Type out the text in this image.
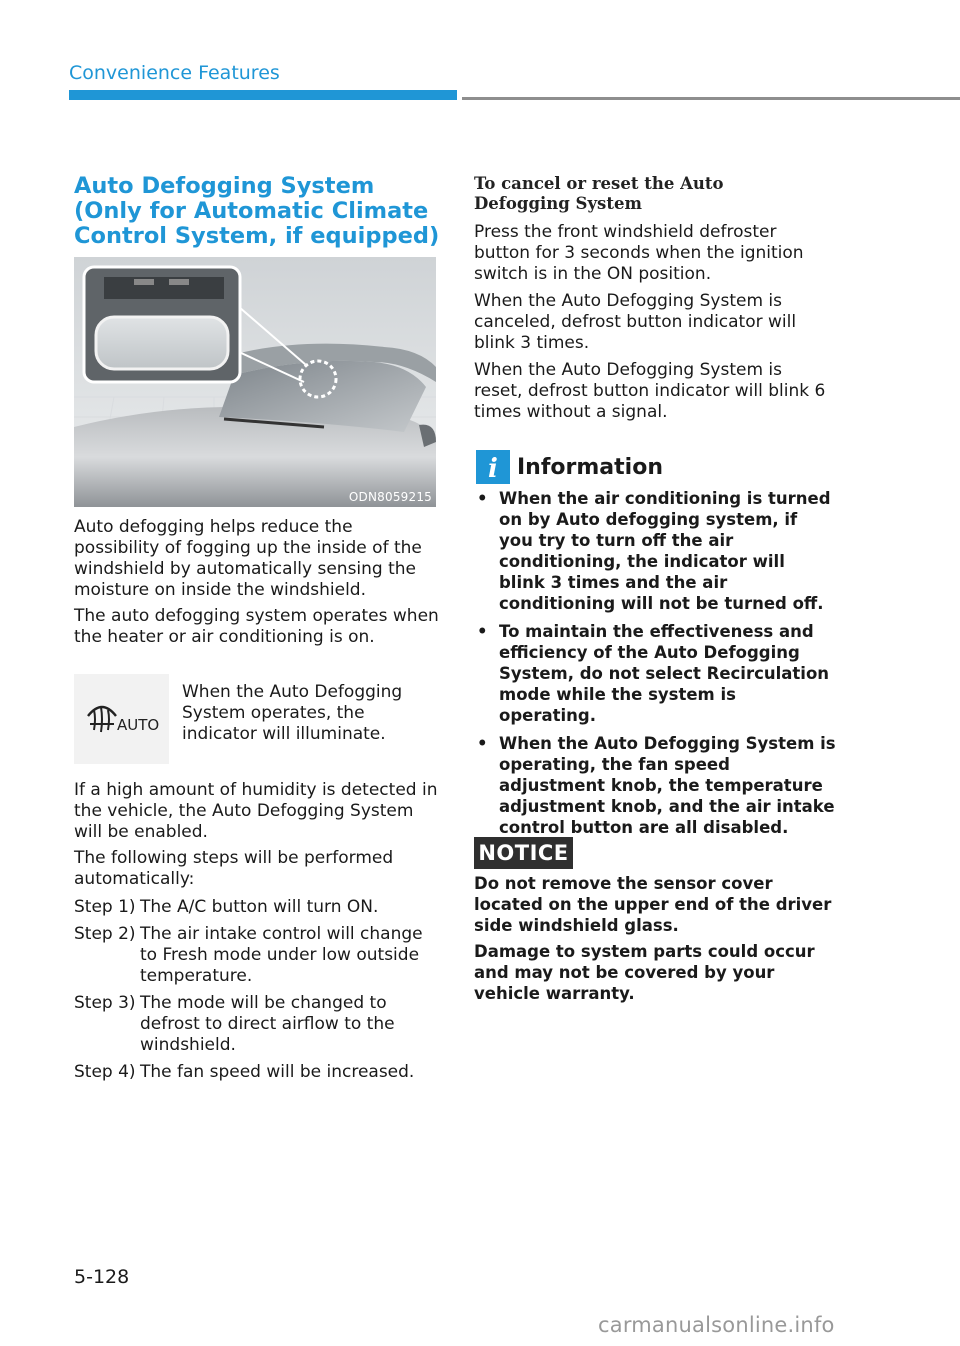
Convenience Features
Auto Defogging System (Only for Automatic Climate Control System, if equipped)
ODN8059215
Auto defogging helps reduce the possibility of fogging up the inside of the windshield by automatically sensing the moisture on inside the windshield.
The auto defogging system operates when the heater or air conditioning is on.
AUTO
When the Auto Defogging System operates, the indicator will illuminate.
If a high amount of humidity is detected in the vehicle, the Auto Defogging System will be enabled.
The following steps will be performed automatically:
Step 1) The A/C button will turn ON.
Step 2) The air intake control will change to Fresh mode under low outside temperature.
Step 3) The mode will be changed to defrost to direct airflow to the windshield.
Step 4) The fan speed will be increased.
To cancel or reset the Auto Defogging System
Press the front windshield defroster button for 3 seconds when the ignition switch is in the ON position.
When the Auto Defogging System is canceled, defrost button indicator will blink 3 times.
When the Auto Defogging System is reset, defrost button indicator will blink 6 times without a signal.
i Information
• When the air conditioning is turned on by Auto defogging system, if you try to turn off the air conditioning, the indicator will blink 3 times and the air conditioning will not be turned off.
• To maintain the effectiveness and efficiency of the Auto Defogging System, do not select Recirculation mode while the system is operating.
• When the Auto Defogging System is operating, the fan speed adjustment knob, the temperature adjustment knob, and the air intake control button are all disabled.
NOTICE
Do not remove the sensor cover located on the upper end of the driver side windshield glass.
Damage to system parts could occur and may not be covered by your vehicle warranty.
5-128
carmanualsonline.info
